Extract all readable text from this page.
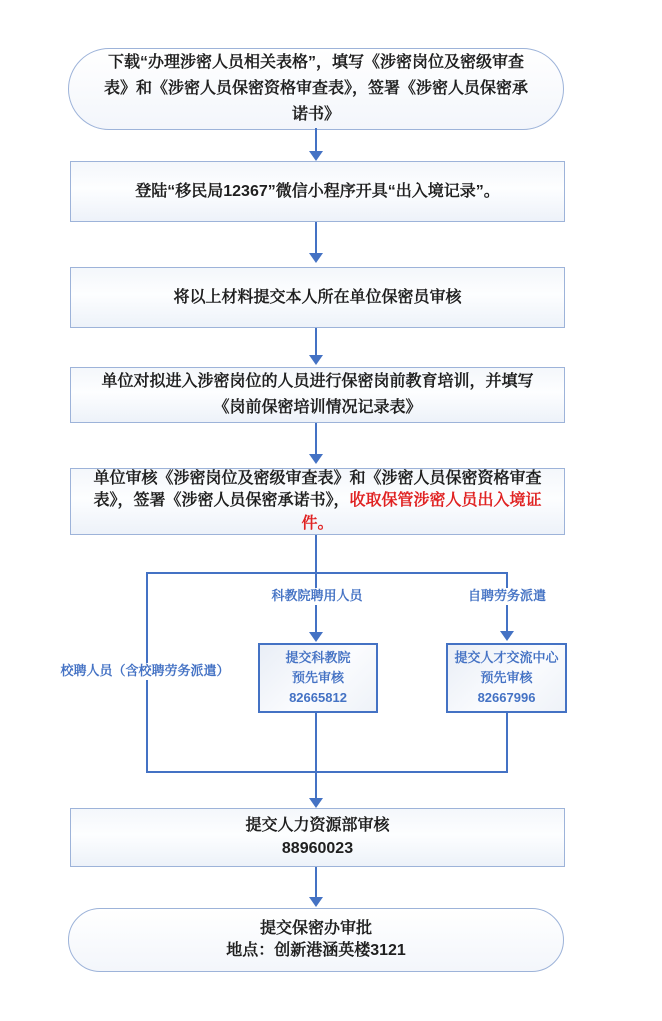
下载“办理涉密人员相关表格”，填写《涉密岗位及密级审查表》和《涉密人员保密资格审查表》，签署《涉密人员保密承诺书》
登陆“移民局12367”微信小程序开具“出入境记录”。
将以上材料提交本人所在单位保密员审核
单位对拟进入涉密岗位的人员进行保密岗前教育培训，并填写《岗前保密培训情况记录表》
单位审核《涉密岗位及密级审查表》和《涉密人员保密资格审查表》，签署《涉密人员保密承诺书》，收取保管涉密人员出入境证件。
校聘人员（含校聘劳务派遣）
科教院聘用人员	自聘劳务派遣
提交科教院
预先审核
82665812
提交人才交流中心
预先审核
82667996
提交人力资源部审核
88960023
提交保密办审批
地点：创新港涵英楼3121
